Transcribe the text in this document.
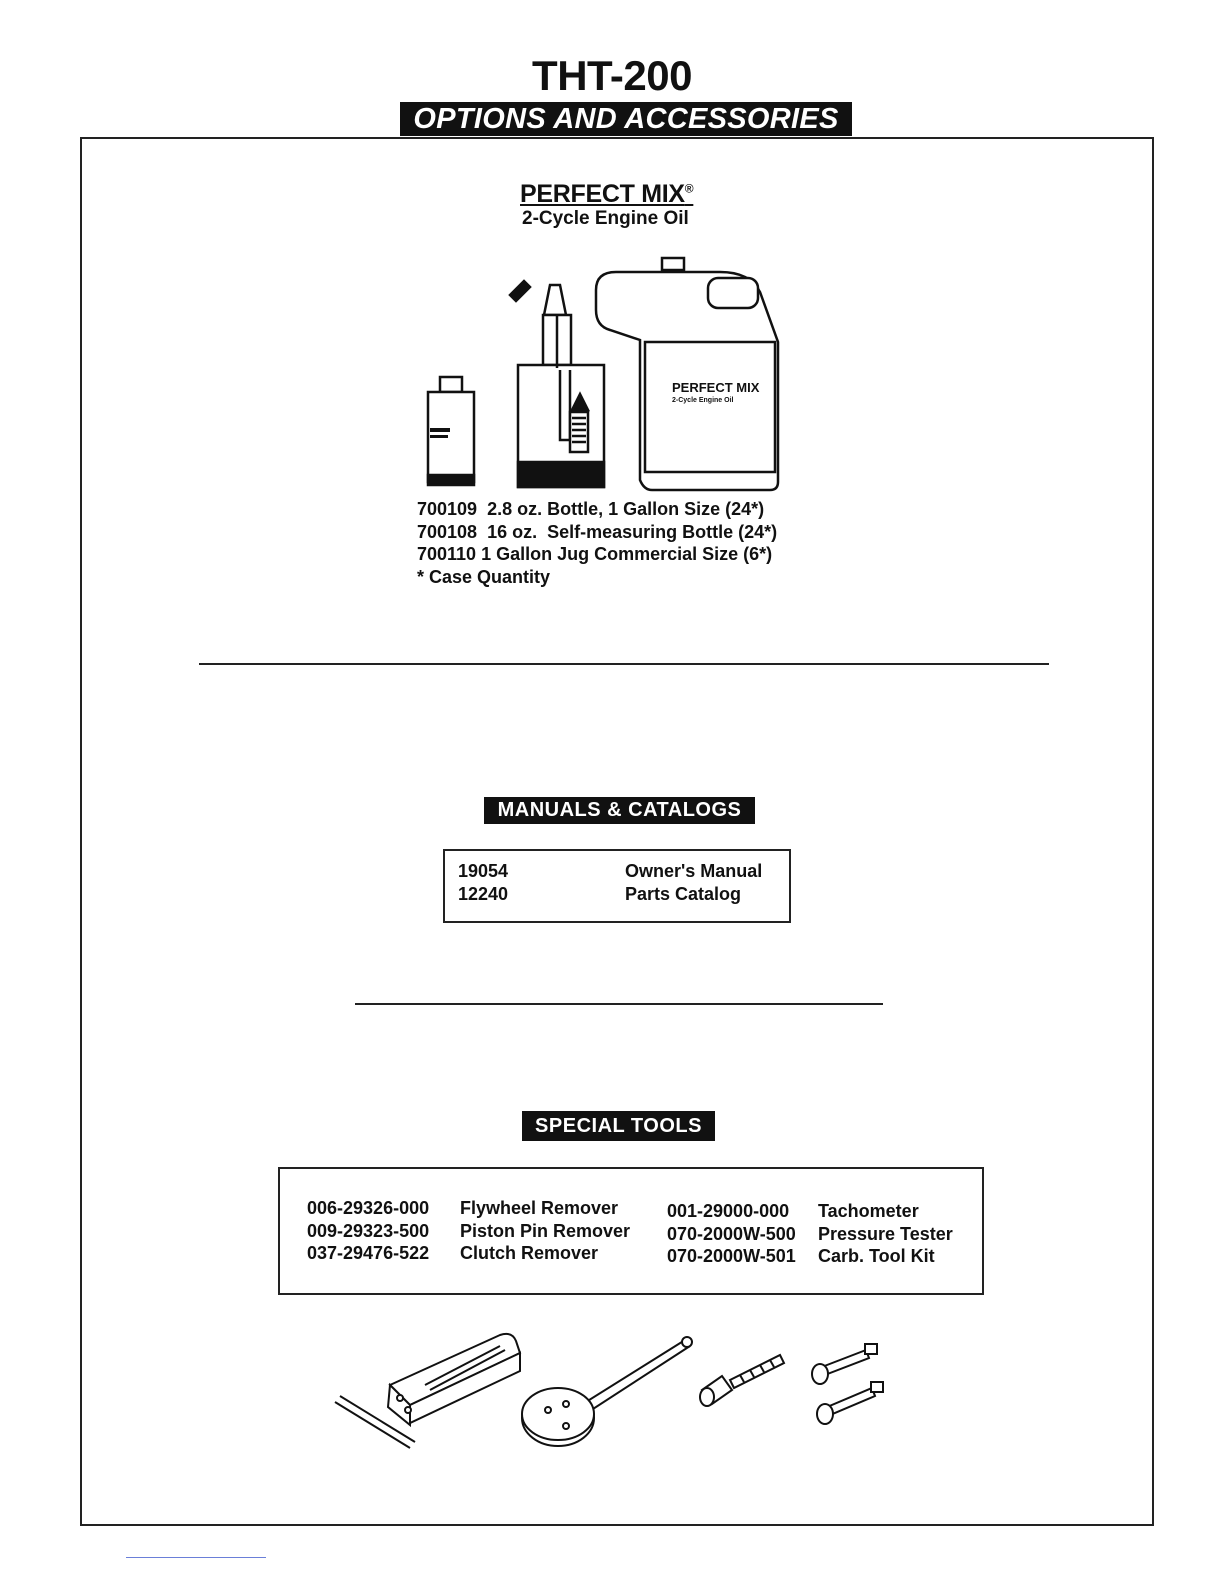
THT-200
OPTIONS AND ACCESSORIES
PERFECT MIX®
2-Cycle Engine Oil
PERFECT MIX
2-Cycle Engine Oil
700109 2.8 oz. Bottle, 1 Gallon Size (24*)
700108 16 oz.  Self-measuring Bottle (24*)
700110 1 Gallon Jug Commercial Size (6*)
* Case Quantity
MANUALS & CATALOGS
19054	Owner's Manual
12240	Parts Catalog
SPECIAL TOOLS
006-29326-000	Flywheel Remover
009-29323-500	Piston Pin Remover
037-29476-522	Clutch Remover
001-29000-000	Tachometer
070-2000W-500	Pressure Tester
070-2000W-501	Carb. Tool Kit
